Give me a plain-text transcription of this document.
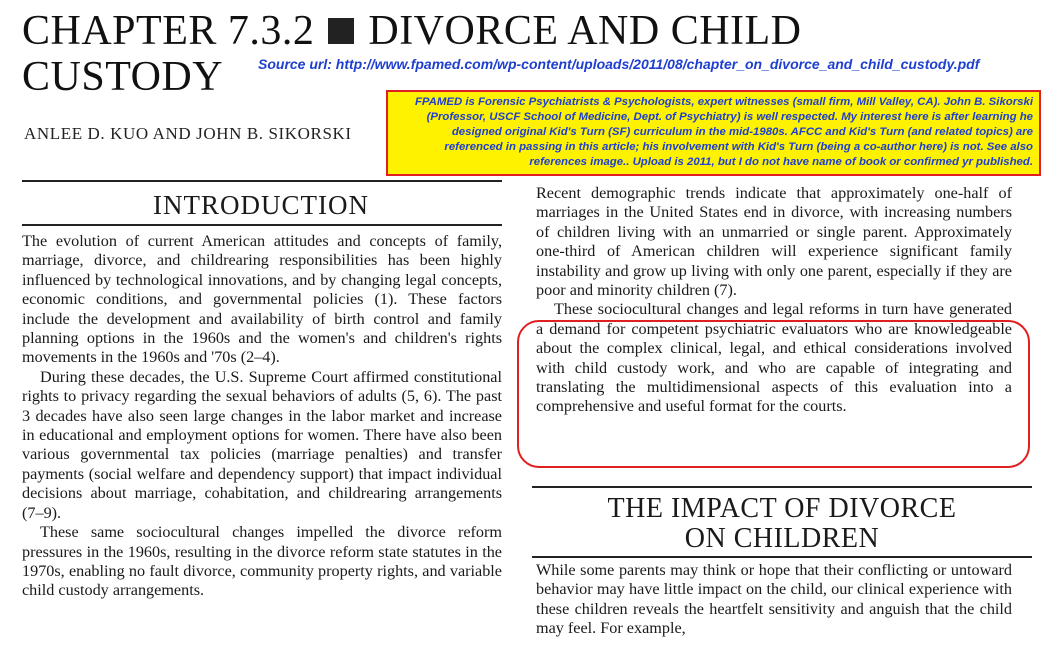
CHAPTER 7.3.2 DIVORCE AND CHILD
CUSTODY	Source url: http://www.fpamed.com/wp-content/uploads/2011/08/chapter_on_divorce_and_child_custody.pdf
ANLEE D. KUO AND JOHN B. SIKORSKI
FPAMED is Forensic Psychiatrists & Psychologists, expert witnesses (small firm, Mill Valley, CA). John B. Sikorski (Professor, USCF School of Medicine, Dept. of Psychiatry) is well respected. My interest here is after learning he designed original Kid's Turn (SF) curriculum in the mid-1980s. AFCC and Kid's Turn (and related topics) are referenced in passing in this article; his involvement with Kid's Turn (being a co-author here) is not. See also references image.. Upload is 2011, but I do not have name of book or confirmed yr published.
INTRODUCTION

The evolution of current American attitudes and concepts of family, marriage, divorce, and childrearing responsibilities has been highly influenced by technological innovations, and by changing legal concepts, economic conditions, and governmental policies (1). These factors include the development and availability of birth control and family planning options in the 1960s and the women's and children's rights movements in the 1960s and '70s (2–4).

During these decades, the U.S. Supreme Court affirmed constitutional rights to privacy regarding the sexual behaviors of adults (5, 6). The past 3 decades have also seen large changes in the labor market and increase in educational and employment options for women. There have also been various governmental tax policies (marriage penalties) and transfer payments (social welfare and dependency support) that impact individual decisions about marriage, cohabitation, and childrearing arrangements (7–9).

These same sociocultural changes impelled the divorce reform pressures in the 1960s, resulting in the divorce reform state statutes in the 1970s, enabling no fault divorce, community property rights, and variable child custody arrangements.

Recent demographic trends indicate that approximately one-half of marriages in the United States end in divorce, with increasing numbers of children living with an unmarried or single parent. Approximately one-third of American children will experience significant family instability and grow up living with only one parent, especially if they are poor and minority children (7).

These sociocultural changes and legal reforms in turn have generated a demand for competent psychiatric evaluators who are knowledgeable about the complex clinical, legal, and ethical considerations involved with child custody work, and who are capable of integrating and translating the multidimensional aspects of this evaluation into a comprehensive and useful format for the courts.

THE IMPACT OF DIVORCE
ON CHILDREN

While some parents may think or hope that their conflicting or untoward behavior may have little impact on the child, our clinical experience with these children reveals the heartfelt sensitivity and anguish that the child may feel. For example,
